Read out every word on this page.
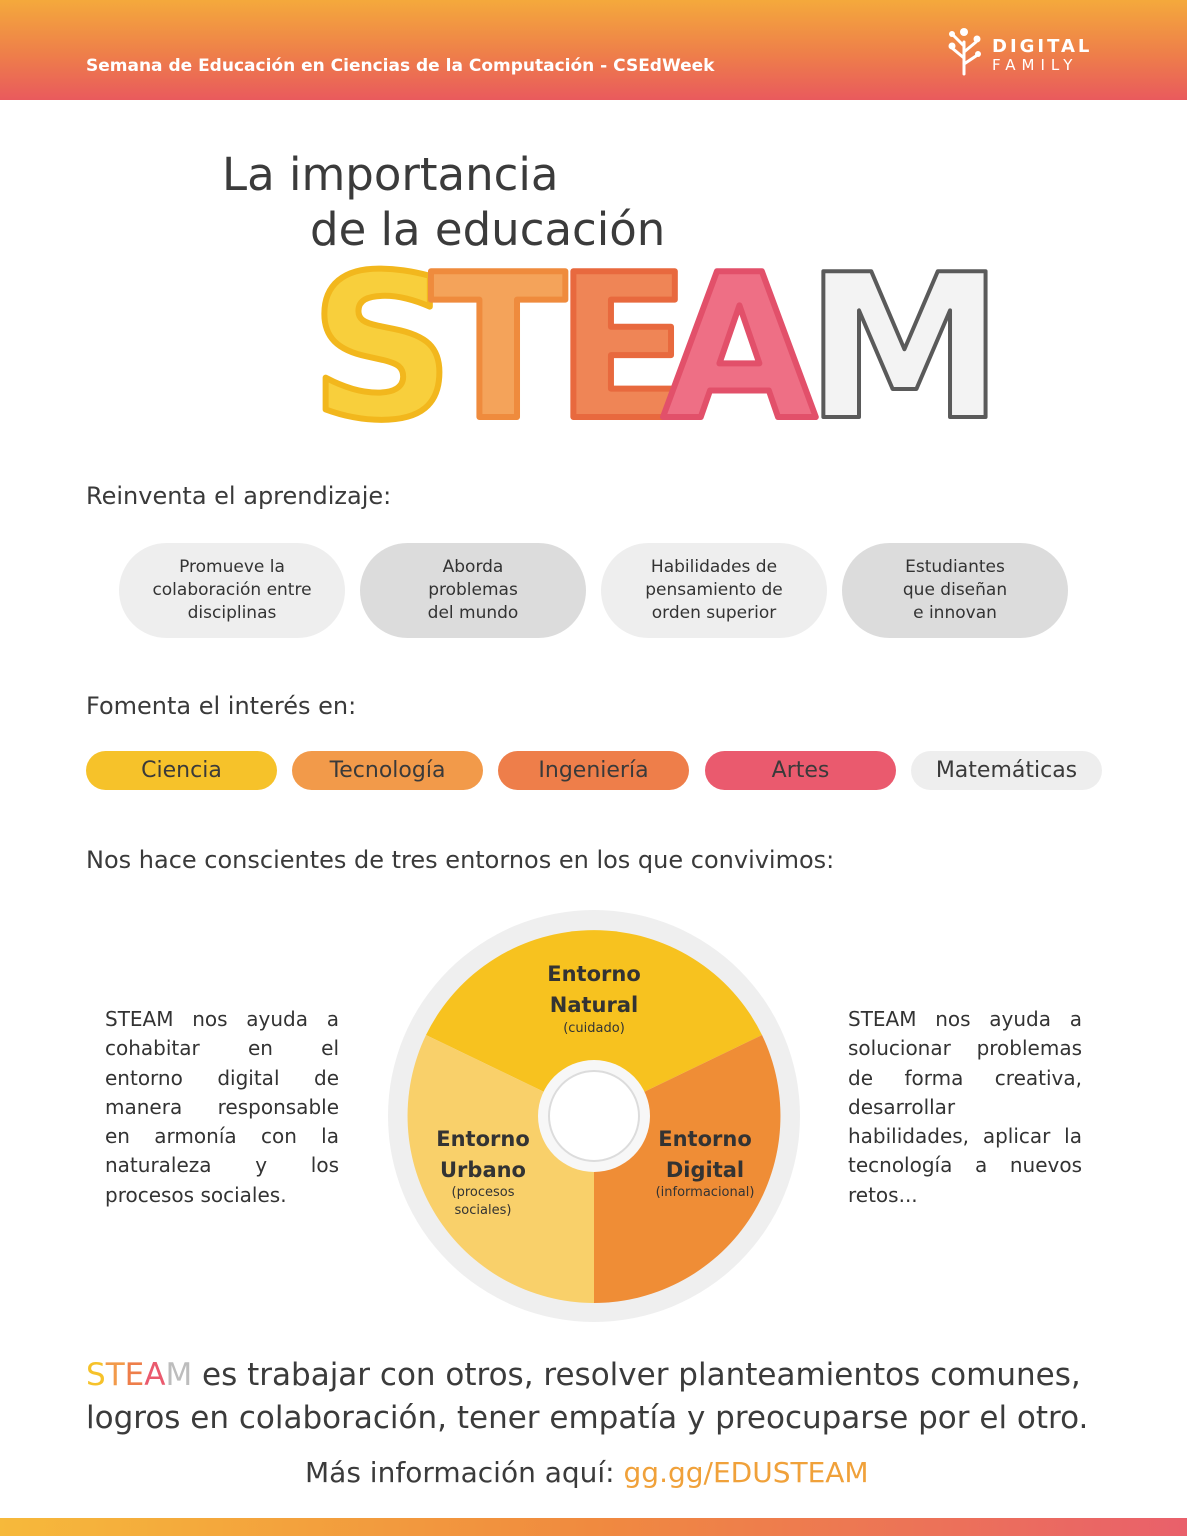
Semana de Educación en Ciencias de la Computación - CSEdWeek
DIGITAL
FAMILY
La importancia
de la educación
S
T
E
A
M
Reinventa el aprendizaje:
Promueve la colaboración entre disciplinas
Aborda problemas del mundo
Habilidades de pensamiento de orden superior
Estudiantes que diseñan e innovan
Fomenta el interés en:
Ciencia	Tecnología	Ingeniería	Artes	Matemáticas
Nos hace conscientes de tres entornos en los que convivimos:
STEAM nos ayuda a cohabitar en el entorno digital de manera responsable en armonía con la naturaleza y los procesos sociales.
STEAM nos ayuda a solucionar problemas de forma creativa, desarrollar habilidades, aplicar la tecnología a nuevos retos...
Entorno
Natural
(cuidado)
Entorno
Urbano
(procesos
sociales)
Entorno
Digital
(informacional)
STEAM es trabajar con otros, resolver planteamientos comunes,
logros en colaboración, tener empatía y preocuparse por el otro.
Más información aquí: gg.gg/EDUSTEAM
